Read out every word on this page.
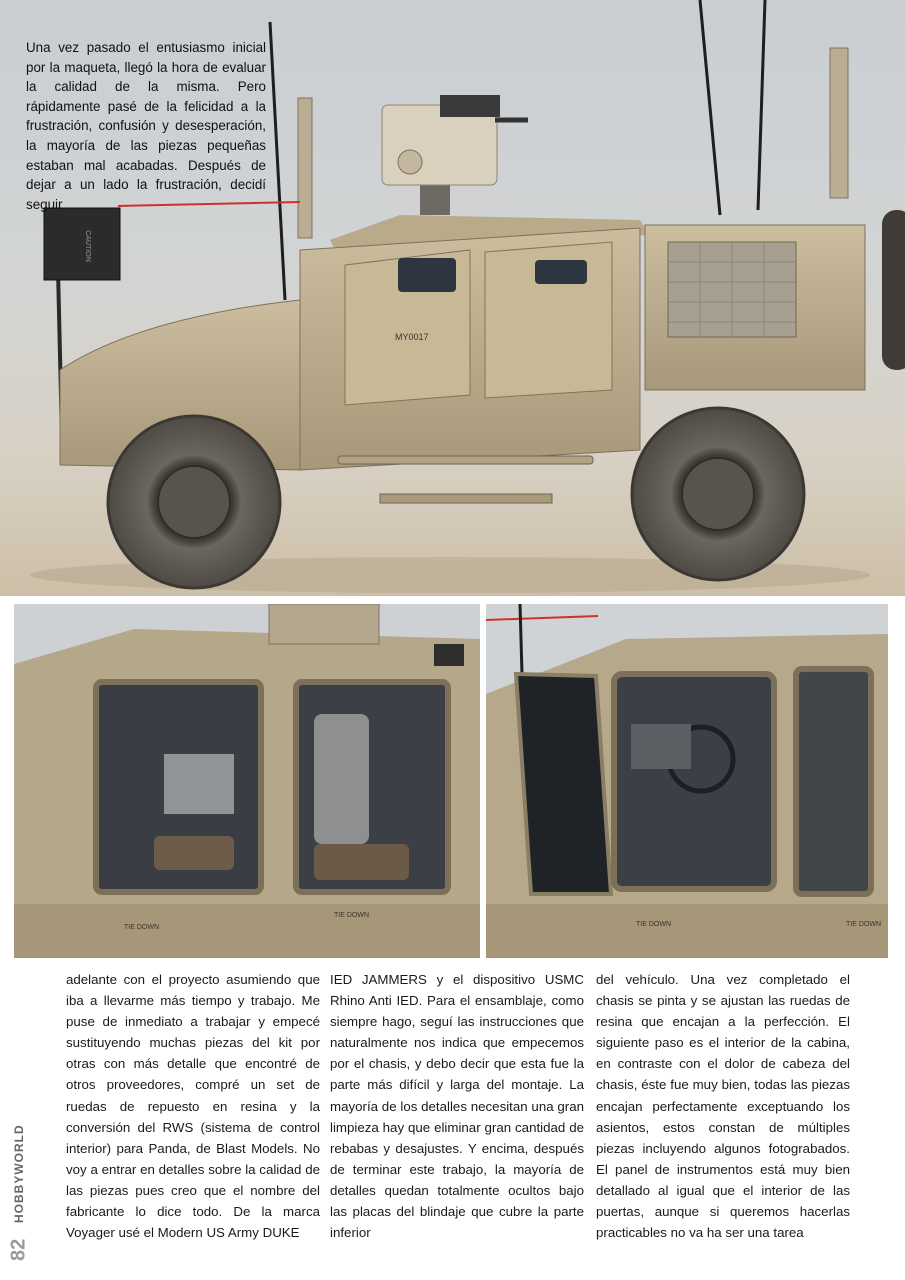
CAUTION
MY0017
Una vez pasado el entusiasmo inicial por la maqueta, llegó la hora de evaluar la calidad de la misma. Pero rápidamente pasé de la felicidad a la frustración, confusión y desesperación, la mayoría de las piezas pequeñas estaban mal acabadas. Después de dejar a un lado la frustración, decidí seguir
TIE DOWN
TIE DOWN
TIE DOWN	TIE DOWN
adelante con el proyecto asumiendo que iba a llevarme más tiempo y trabajo. Me puse de inmediato a trabajar y empecé sustituyendo muchas piezas del kit por otras con más detalle que encontré de otros proveedores, compré un set de ruedas de repuesto en resina y la conversión del RWS (sistema de control interior) para Panda, de Blast Models. No voy a entrar en detalles sobre la calidad de las piezas pues creo que el nombre del fabricante lo dice todo. De la marca Voyager usé el Modern US Army DUKE
IED JAMMERS y el dispositivo USMC Rhino Anti IED. Para el ensamblaje, como siempre hago, seguí las instrucciones que naturalmente nos indica que empecemos por el chasis, y debo decir que esta fue la parte más difícil y larga del montaje. La mayoría de los detalles necesitan una gran limpieza hay que eliminar gran cantidad de rebabas y desajustes. Y encima, después de terminar este trabajo, la mayoría de detalles quedan totalmente ocultos bajo las placas del blindaje que cubre la parte inferior
del vehículo. Una vez completado el chasis se pinta y se ajustan las ruedas de resina que encajan a la perfección. El siguiente paso es el interior de la cabina, en contraste con el dolor de cabeza del chasis, éste fue muy bien, todas las piezas encajan perfectamente exceptuando los asientos, estos constan de múltiples piezas incluyendo algunos fotograbados. El panel de instrumentos está muy bien detallado al igual que el interior de las puertas, aunque si queremos hacerlas practicables no va ha ser una tarea
HOBBYWORLD
82
